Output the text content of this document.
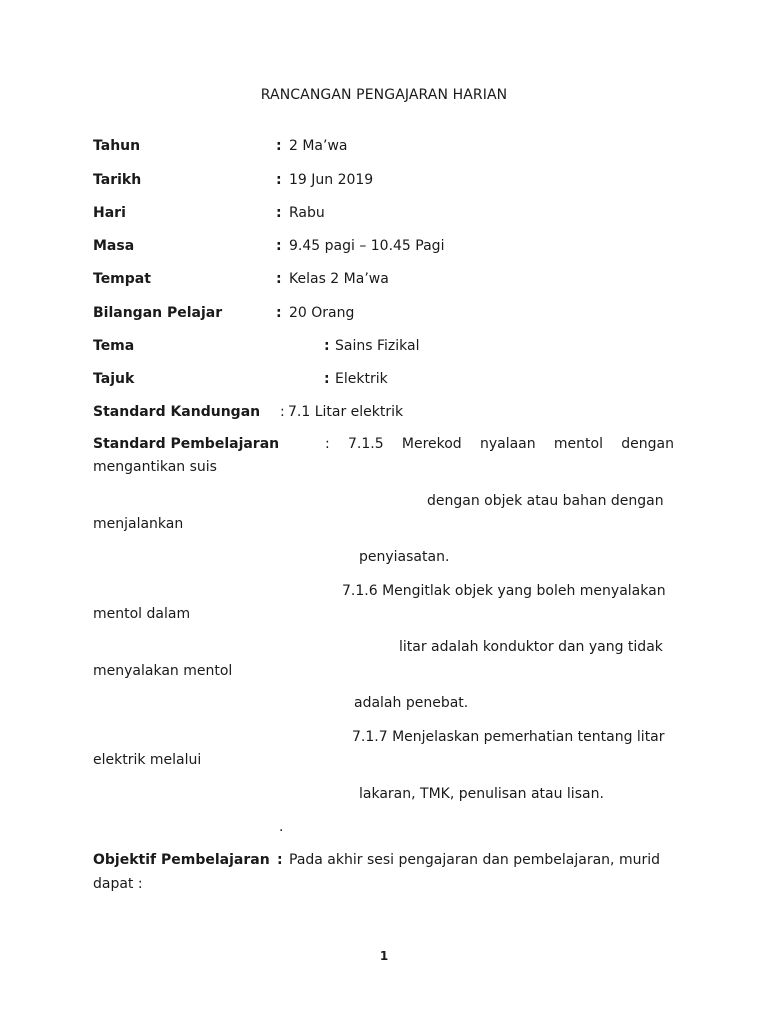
RANCANGAN PENGAJARAN HARIAN
Tahun	: 2 Ma’wa
Tarikh	: 19 Jun 2019
Hari	: Rabu
Masa	: 9.45 pagi – 10.45 Pagi
Tempat	: Kelas 2 Ma’wa
Bilangan Pelajar	: 20 Orang
Tema	: Sains Fizikal
Tajuk	: Elektrik
Standard Kandungan : 7.1 Litar elektrik
Standard Pembelajaran	: 7.1.5 Merekod nyalaan mentol dengan
mengantikan suis
dengan objek atau bahan dengan
menjalankan
penyiasatan.
7.1.6 Mengitlak objek yang boleh menyalakan
mentol dalam
litar adalah konduktor dan yang tidak
menyalakan mentol
adalah penebat.
7.1.7 Menjelaskan pemerhatian tentang litar
elektrik melalui
lakaran, TMK, penulisan atau lisan.
.
Objektif Pembelajaran : Pada akhir sesi pengajaran dan pembelajaran, murid
dapat :
1
